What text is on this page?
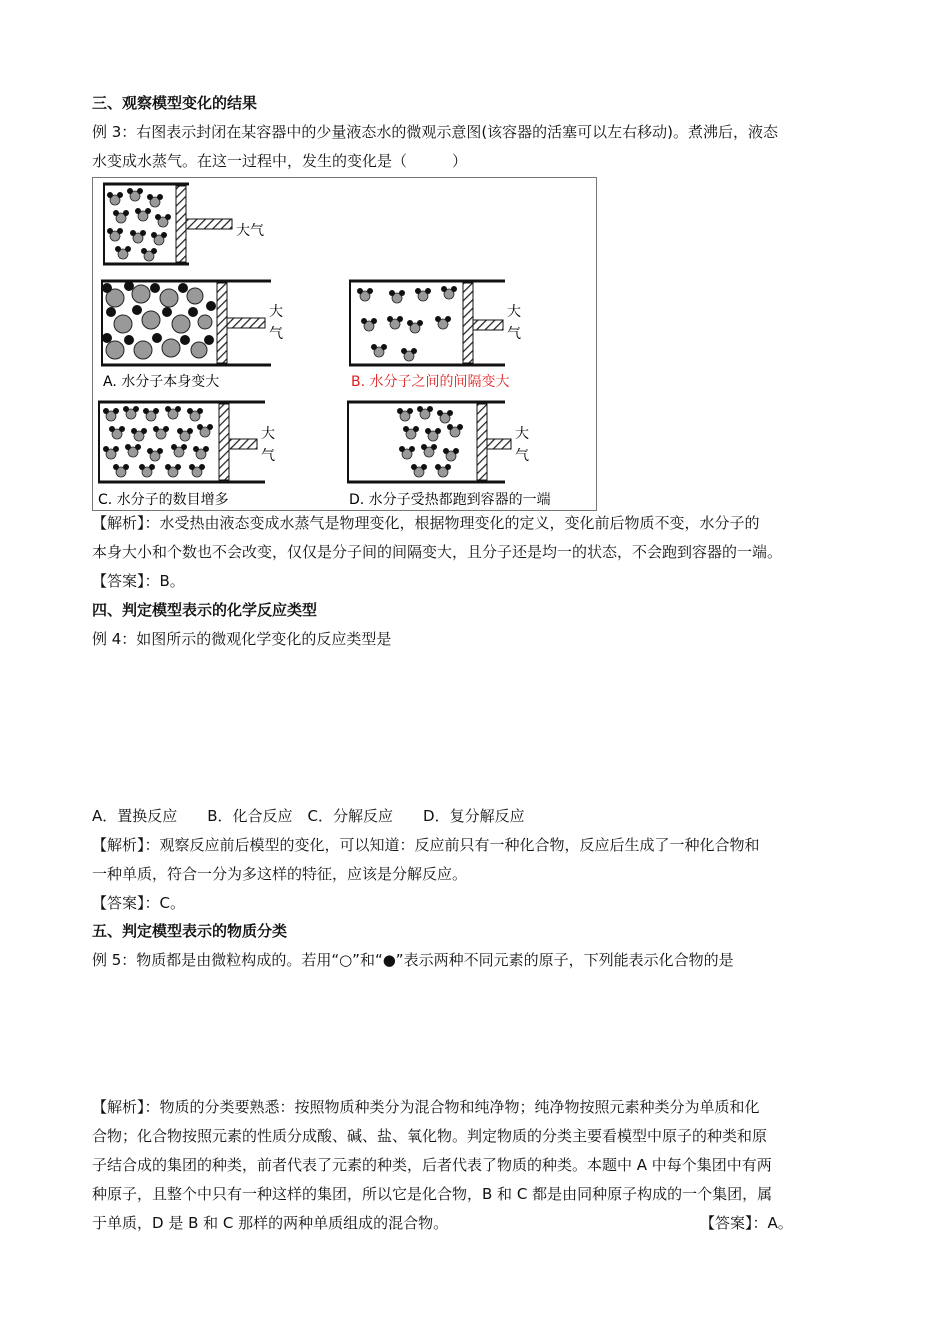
三、观察模型变化的结果
例 3：右图表示封闭在某容器中的少量液态水的微观示意图(该容器的活塞可以左右移动)。煮沸后，液态
水变成水蒸气。在这一过程中，发生的变化是（　　　）
大气
大
气
A. 水分子本身变大
大
气
B. 水分子之间的间隔变大
大
气
C. 水分子的数目增多
大
气
D. 水分子受热都跑到容器的一端
【解析】：水受热由液态变成水蒸气是物理变化，根据物理变化的定义，变化前后物质不变，水分子的
本身大小和个数也不会改变，仅仅是分子间的间隔变大，且分子还是均一的状态，不会跑到容器的一端。
【答案】：B。
四、判定模型表示的化学反应类型
例 4：如图所示的微观化学变化的反应类型是
A．置换反应　　B．化合反应　C．分解反应　　D．复分解反应
【解析】：观察反应前后模型的变化，可以知道：反应前只有一种化合物，反应后生成了一种化合物和
一种单质，符合一分为多这样的特征，应该是分解反应。
【答案】：C。
五、判定模型表示的物质分类
例 5：物质都是由微粒构成的。若用“○”和“●”表示两种不同元素的原子，下列能表示化合物的是
【解析】：物质的分类要熟悉：按照物质种类分为混合物和纯净物；纯净物按照元素种类分为单质和化
合物；化合物按照元素的性质分成酸、碱、盐、氧化物。判定物质的分类主要看模型中原子的种类和原
子结合成的集团的种类，前者代表了元素的种类，后者代表了物质的种类。本题中 A 中每个集团中有两
种原子，且整个中只有一种这样的集团，所以它是化合物，B 和 C 都是由同种原子构成的一个集团，属
于单质，D 是 B 和 C 那样的两种单质组成的混合物。	【答案】：A。
